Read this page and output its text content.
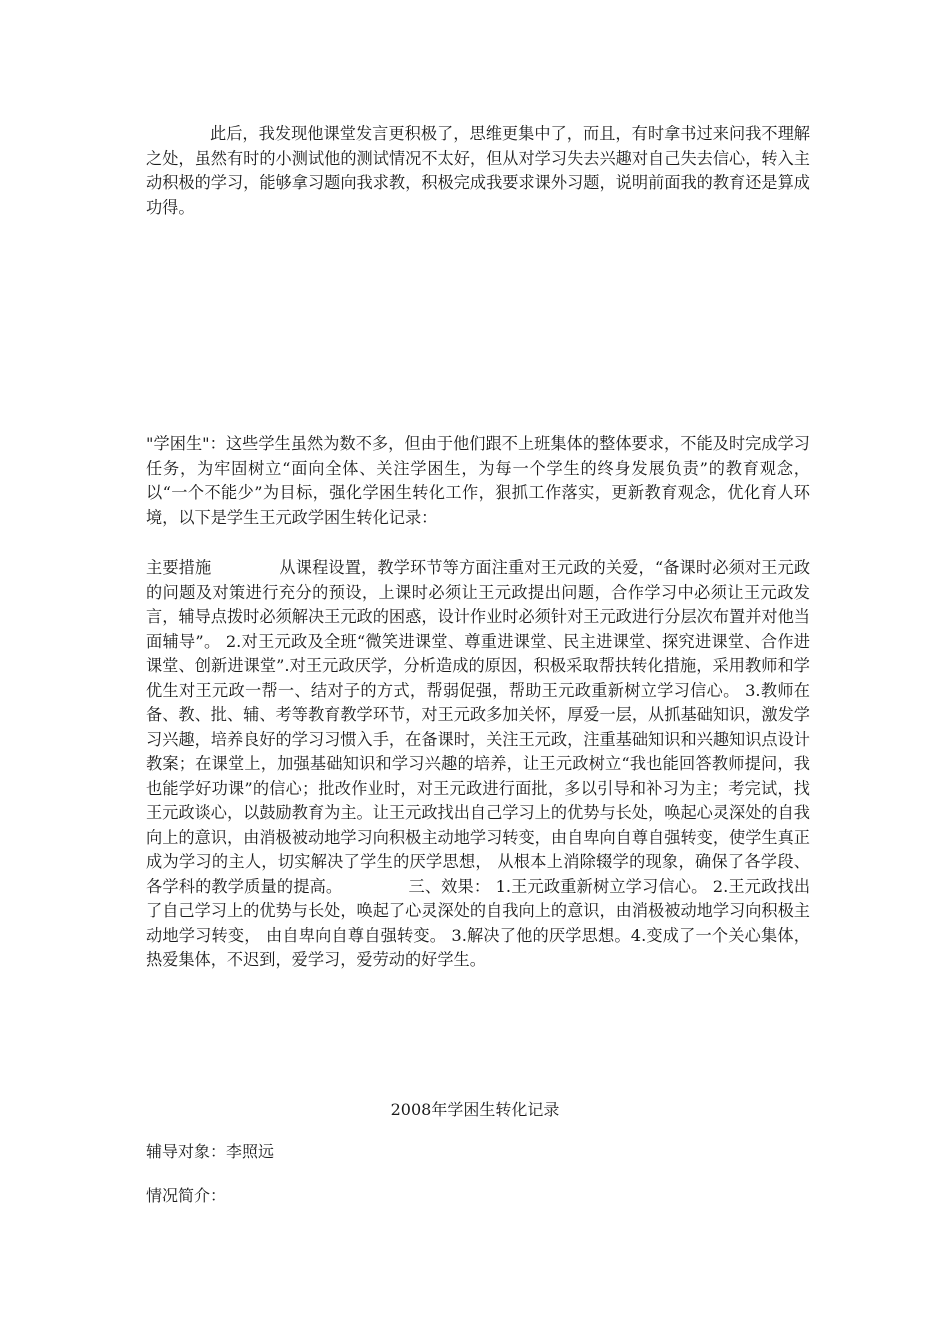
此后，我发现他课堂发言更积极了，思维更集中了，而且，有时拿书过来问我不理解之处，虽然有时的小测试他的测试情况不太好，但从对学习失去兴趣对自己失去信心，转入主动积极的学习，能够拿习题向我求教，积极完成我要求课外习题，说明前面我的教育还是算成功得。

"学困生"：这些学生虽然为数不多，但由于他们跟不上班集体的整体要求，不能及时完成学习任务，为牢固树立“面向全体、关注学困生，为每一个学生的终身发展负责”的教育观念，以“一个不能少”为目标，强化学困生转化工作，狠抓工作落实，更新教育观念，优化育人环境，以下是学生王元政学困生转化记录：

主要措施	从课程设置，教学环节等方面注重对王元政的关爱，“备课时必须对王元政的问题及对策进行充分的预设，上课时必须让王元政提出问题，合作学习中必须让王元政发言，辅导点拨时必须解决王元政的困惑，设计作业时必须针对王元政进行分层次布置并对他当面辅导”。 2.对王元政及全班“微笑进课堂、尊重进课堂、民主进课堂、探究进课堂、合作进课堂、创新进课堂”.对王元政厌学，分析造成的原因，积极采取帮扶转化措施，采用教师和学优生对王元政一帮一、结对子的方式，帮弱促强，帮助王元政重新树立学习信心。 3.教师在备、教、批、辅、考等教育教学环节，对王元政多加关怀，厚爱一层，从抓基础知识，激发学习兴趣，培养良好的学习习惯入手，在备课时，关注王元政，注重基础知识和兴趣知识点设计教案；在课堂上，加强基础知识和学习兴趣的培养，让王元政树立“我也能回答教师提问，我也能学好功课”的信心；批改作业时，对王元政进行面批，多以引导和补习为主；考完试，找王元政谈心，以鼓励教育为主。让王元政找出自己学习上的优势与长处，唤起心灵深处的自我向上的意识，由消极被动地学习向积极主动地学习转变，由自卑向自尊自强转变，使学生真正成为学习的主人，切实解决了学生的厌学思想， 从根本上消除辍学的现象，确保了各学段、各学科的教学质量的提高。	三、效果： 1.王元政重新树立学习信心。 2.王元政找出了自己学习上的优势与长处，唤起了心灵深处的自我向上的意识，由消极被动地学习向积极主动地学习转变， 由自卑向自尊自强转变。 3.解决了他的厌学思想。4.变成了一个关心集体，热爱集体，不迟到，爱学习，爱劳动的好学生。

2008年学困生转化记录

辅导对象：李照远

情况简介：
